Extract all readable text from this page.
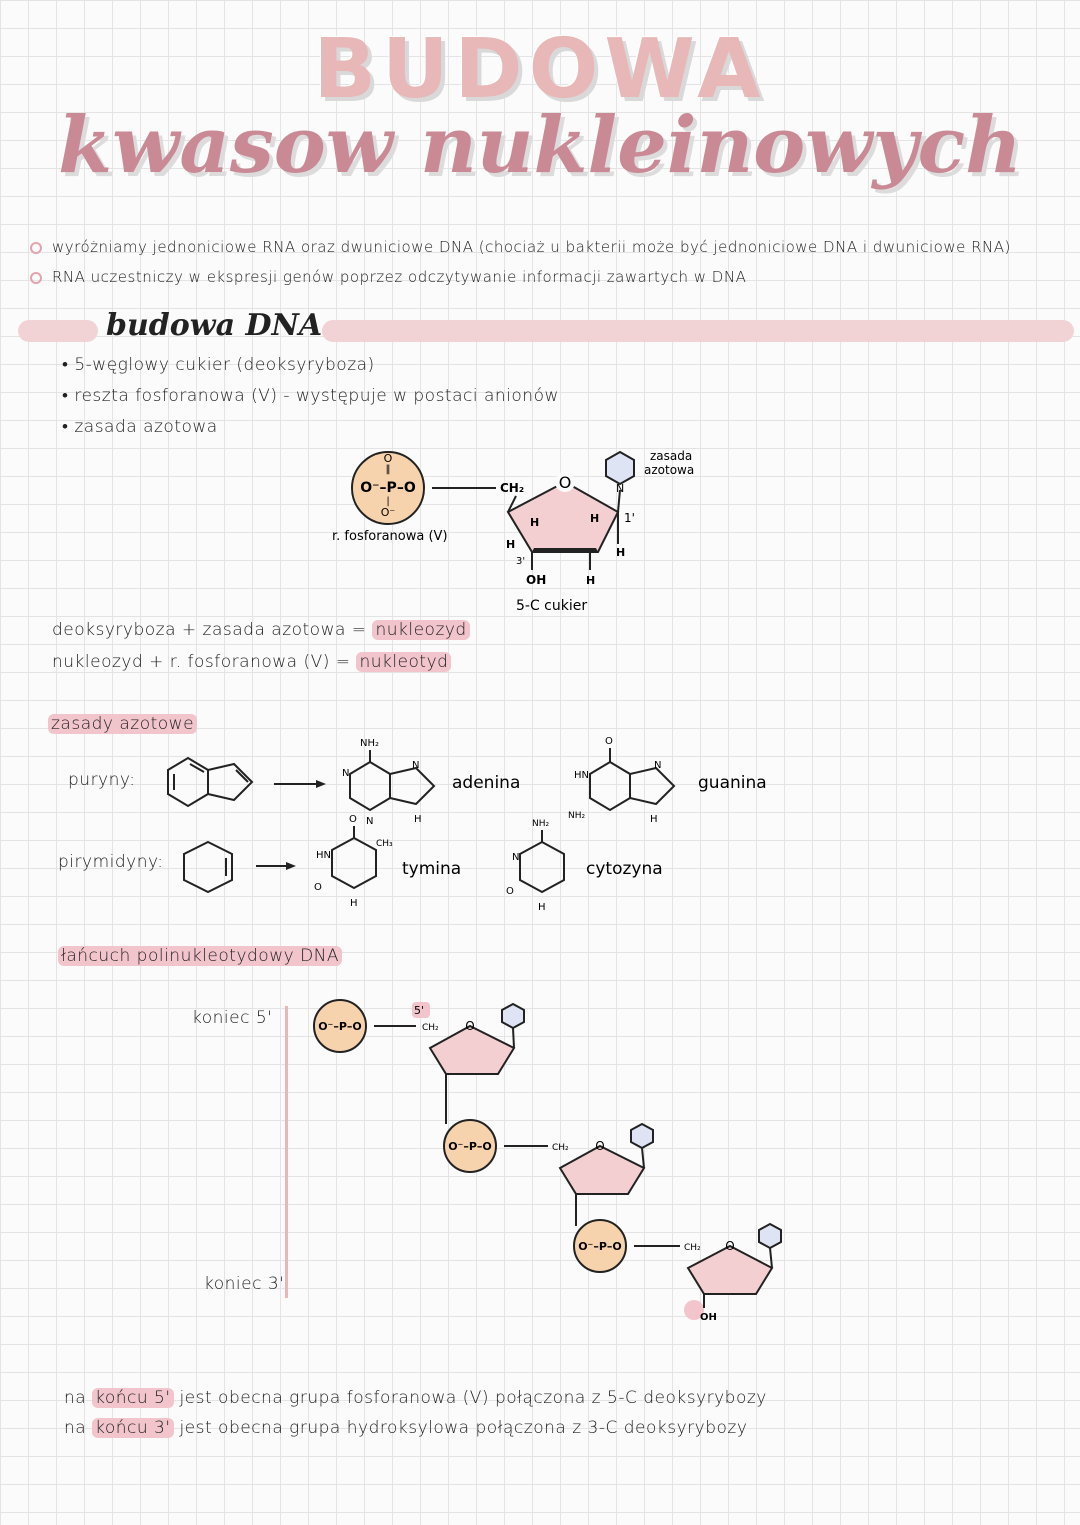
BUDOWA
kwasow nukleinowych
wyróżniamy jednoniciowe RNA oraz dwuniciowe DNA (chociaż u bakterii może być jednoniciowe DNA i dwuniciowe RNA)
RNA uczestniczy w ekspresji genów poprzez odczytywanie informacji zawartych w DNA
budowa DNA
• 5-węglowy cukier (deoksyryboza)
• reszta fosforanowa (V) - występuje w postaci anionów
• zasada azotowa
O
‖
O⁻–P–O
|
O⁻
r. fosforanowa (V)
CH₂ O
H	H 1'
H
H
3'
OH	H
N
zasada
azotowa
5-C cukier
deoksyryboza + zasada azotowa = nukleozyd
nukleozyd + r. fosforanowa (V) = nukleotyd
zasady azotowe
puryny:
pirymidyny:
NH₂
N
N
H
N
adenina
O
HN
NH₂
N
H
guanina
O
CH₃
HN
O
H
tymina
NH₂
N
O
H
cytozyna
łańcuch polinukleotydowy DNA
koniec 5'
koniec 3'
O⁻–P–O
5'
CH₂ O
O⁻–P–O	CH₂ O
O⁻–P–O	CH₂ O
OH
na końcu 5' jest obecna grupa fosforanowa (V) połączona z 5-C deoksyrybozy
na końcu 3' jest obecna grupa hydroksylowa połączona z 3-C deoksyrybozy
